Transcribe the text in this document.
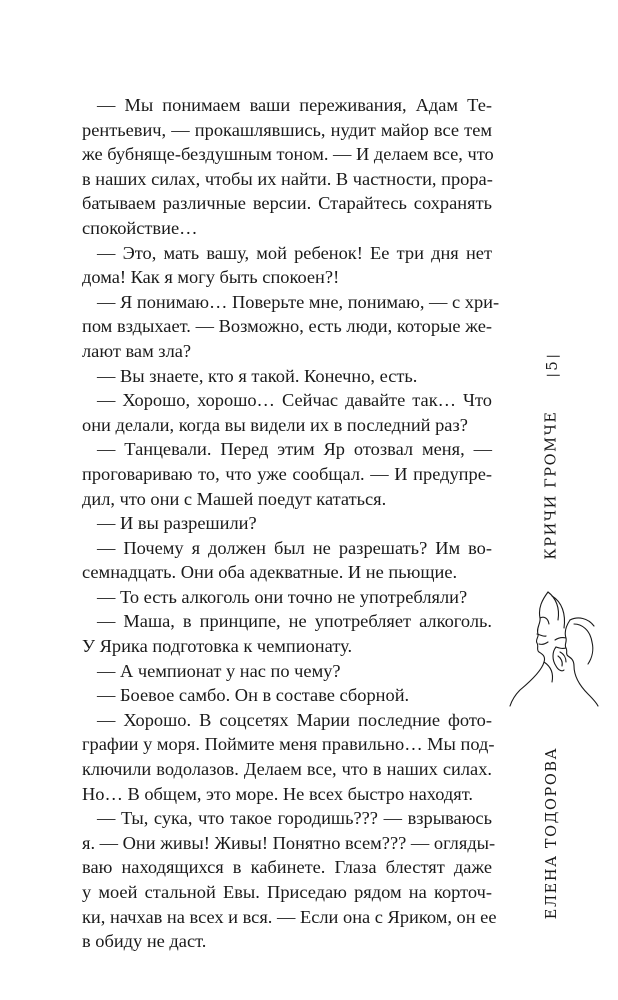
— Мы понимаем ваши переживания, Адам Те-
рентьевич, — прокашлявшись, нудит майор все тем
же бубняще-бездушным тоном. — И делаем все, что
в наших силах, чтобы их найти. В частности, прора-
батываем различные версии. Старайтесь сохранять
спокойствие…
— Это, мать вашу, мой ребенок! Ее три дня нет
дома! Как я могу быть спокоен?!
— Я понимаю… Поверьте мне, понимаю, — с хри-
пом вздыхает. — Возможно, есть люди, которые же-
лают вам зла?
— Вы знаете, кто я такой. Конечно, есть.
— Хорошо, хорошо… Сейчас давайте так… Что
они делали, когда вы видели их в последний раз?
— Танцевали. Перед этим Яр отозвал меня, —
проговариваю то, что уже сообщал. — И предупре-
дил, что они с Машей поедут кататься.
— И вы разрешили?
— Почему я должен был не разрешать? Им во-
семнадцать. Они оба адекватные. И не пьющие.
— То есть алкоголь они точно не употребляли?
— Маша, в принципе, не употребляет алкоголь.
У Ярика подготовка к чемпионату.
— А чемпионат у нас по чему?
— Боевое самбо. Он в составе сборной.
— Хорошо. В соцсетях Марии последние фото-
графии у моря. Поймите меня правильно… Мы под-
ключили водолазов. Делаем все, что в наших силах.
Но… В общем, это море. Не всех быстро находят.
— Ты, сука, что такое городишь??? — взрываюсь
я. — Они живы! Живы! Понятно всем??? — огляды-
ваю находящихся в кабинете. Глаза блестят даже
у моей стальной Евы. Приседаю рядом на корточ-
ки, начхав на всех и вся. — Если она с Яриком, он ее
в обиду не даст.
5
КРИЧИ ГРОМЧЕ
ЕЛЕНА ТОДОРОВА
